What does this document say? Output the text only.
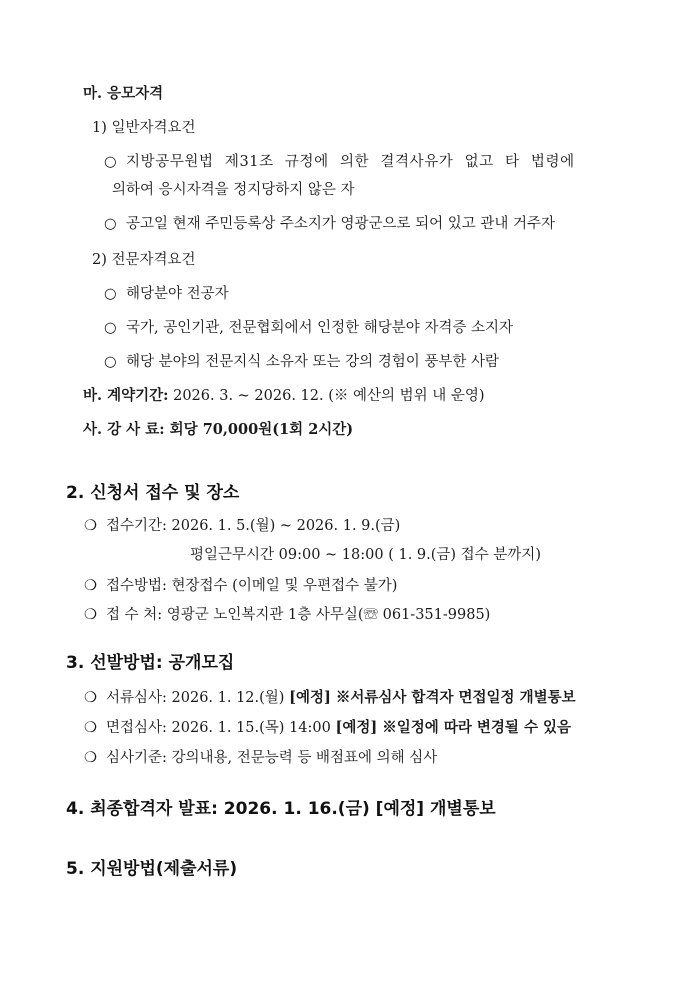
마. 응모자격
1) 일반자격요건
○ 지방공무원법 제31조 규정에 의한 결격사유가 없고 타 법령에
의하여 응시자격을 정지당하지 않은 자
○ 공고일 현재 주민등록상 주소지가 영광군으로 되어 있고 관내 거주자
2) 전문자격요건
○ 해당분야 전공자
○ 국가, 공인기관, 전문협회에서 인정한 해당분야 자격증 소지자
○ 해당 분야의 전문지식 소유자 또는 강의 경험이 풍부한 사람
바. 계약기간: 2026. 3. ~ 2026. 12. (※ 예산의 범위 내 운영)
사. 강 사 료: 회당 70,000원(1회 2시간)
2. 신청서 접수 및 장소
❍ 접수기간: 2026. 1. 5.(월) ~ 2026. 1. 9.(금)
평일근무시간 09:00 ~ 18:00 ( 1. 9.(금) 접수 분까지)
❍ 접수방법: 현장접수 (이메일 및 우편접수 불가)
❍ 접 수 처: 영광군 노인복지관 1층 사무실(☏ 061-351-9985)
3. 선발방법: 공개모집
❍ 서류심사: 2026. 1. 12.(월) [예정] ※서류심사 합격자 면접일정 개별통보
❍ 면접심사: 2026. 1. 15.(목) 14:00 [예정] ※일정에 따라 변경될 수 있음
❍ 심사기준: 강의내용, 전문능력 등 배점표에 의해 심사
4. 최종합격자 발표: 2026. 1. 16.(금) [예정] 개별통보
5. 지원방법(제출서류)
